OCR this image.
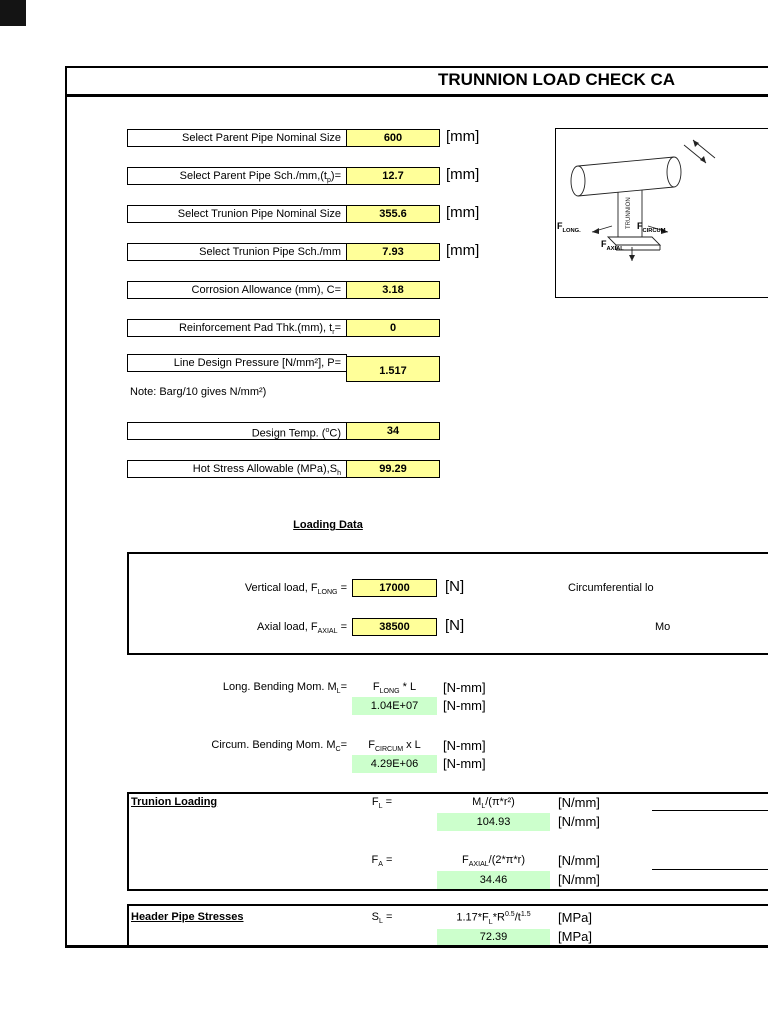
TRUNNION LOAD CHECK CA
Select Parent Pipe Nominal Size	600	[mm]
Select Parent Pipe $Sch./mm,(t_p)=$	12.7	[mm]
Select Trunion Pipe Nominal Size	355.6	[mm]
Select Trunion Pipe Sch./mm	7.93	[mm]
Corrosion Allowance (mm), C=	3.18
Reinforcement Pad Thk.(mm), $t_r=$	0
Line Design Pressure [N/mm²], P=
1.517
Note: Barg/10 gives N/mm²)
Design Temp. ($^o$C)	34
Hot Stress Allowable $(MPa),S_h$	99.29
TRUNNION
$F_{LONG.}$	$F_{CIRCUM.}$
$F_{AXIAL}$
Loading Data
Vertical load, $F_{LONG}$ =	17000	[N]	Circumferential lo
Axial load, $F_{AXIAL}$ =	38500	[N]	Mo
Long. Bending Mom. $M_L=$	$F_{LONG}$ * L	[N-mm]
1.04E+07	[N-mm]
Circum. Bending Mom. $M_C=$	$F_{CIRCUM}$ x L	[N-mm]
4.29E+06	[N-mm]
Trunion Loading	$F_L$ =	$M_L/(\pi*r^2)$	[N/mm]
104.93	[N/mm]
$F_A$ =	$F_{AXIAL}/(2*\pi*r)$	[N/mm]
34.46	[N/mm]
Header Pipe Stresses	$S_L$ =	$1.17*F_L*R^{0.5}/t^{1.5}$	[MPa]
72.39	[MPa]
